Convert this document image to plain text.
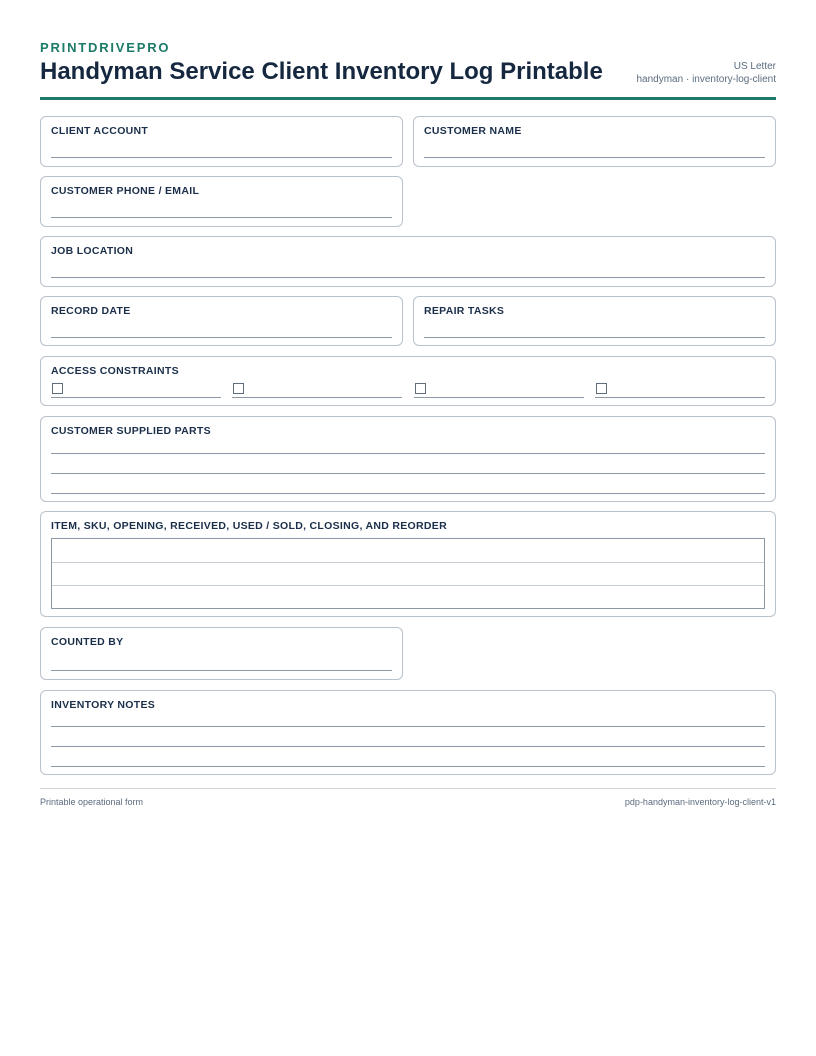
PRINTDRIVEPRO
Handyman Service Client Inventory Log Printable	US Letter
handyman · inventory-log-client
CLIENT ACCOUNT	CUSTOMER NAME
CUSTOMER PHONE / EMAIL
JOB LOCATION
RECORD DATE	REPAIR TASKS
ACCESS CONSTRAINTS
CUSTOMER SUPPLIED PARTS
ITEM, SKU, OPENING, RECEIVED, USED / SOLD, CLOSING, AND REORDER
COUNTED BY
INVENTORY NOTES
Printable operational form	pdp-handyman-inventory-log-client-v1
